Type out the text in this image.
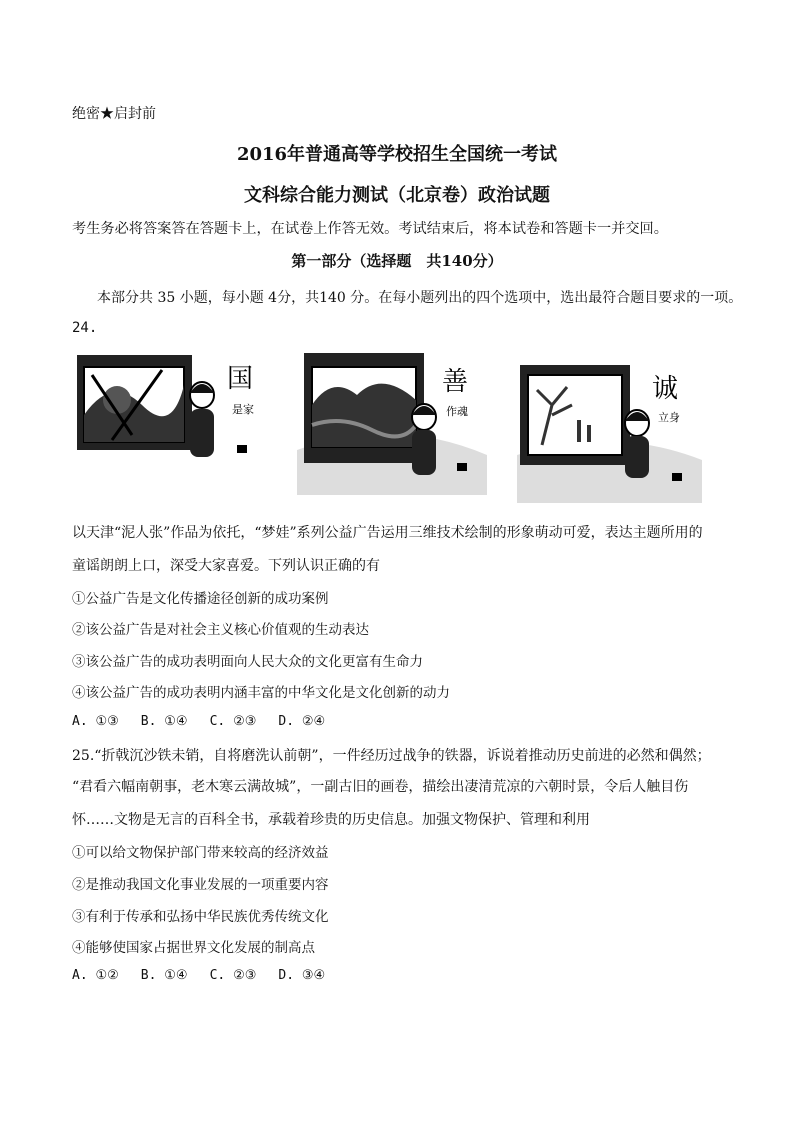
绝密★启封前
2016年普通高等学校招生全国统一考试
文科综合能力测试（北京卷）政治试题
考生务必将答案答在答题卡上，在试卷上作答无效。考试结束后，将本试卷和答题卡一并交回。
第一部分（选择题　共140分）
本部分共 35 小题，每小题 4分，共140 分。在每小题列出的四个选项中，选出最符合题目要求的一项。
24.
国
是家
善
作魂
诚
立身
以天津“泥人张”作品为依托，“梦娃”系列公益广告运用三维技术绘制的形象萌动可爱，表达主题所用的
童谣朗朗上口，深受大家喜爱。下列认识正确的有
①公益广告是文化传播途径创新的成功案例
②该公益广告是对社会主义核心价值观的生动表达
③该公益广告的成功表明面向人民大众的文化更富有生命力
④该公益广告的成功表明内涵丰富的中华文化是文化创新的动力
A. ①③ B. ①④ C. ②③ D. ②④
25.“折戟沉沙铁未销，自将磨洗认前朝”，一件经历过战争的铁器，诉说着推动历史前进的必然和偶然；
“君看六幅南朝事，老木寒云满故城”，一副古旧的画卷，描绘出凄清荒凉的六朝时景，令后人触目伤
怀……文物是无言的百科全书，承载着珍贵的历史信息。加强文物保护、管理和利用
①可以给文物保护部门带来较高的经济效益
②是推动我国文化事业发展的一项重要内容
③有利于传承和弘扬中华民族优秀传统文化
④能够使国家占据世界文化发展的制高点
A. ①② B. ①④ C. ②③ D. ③④
